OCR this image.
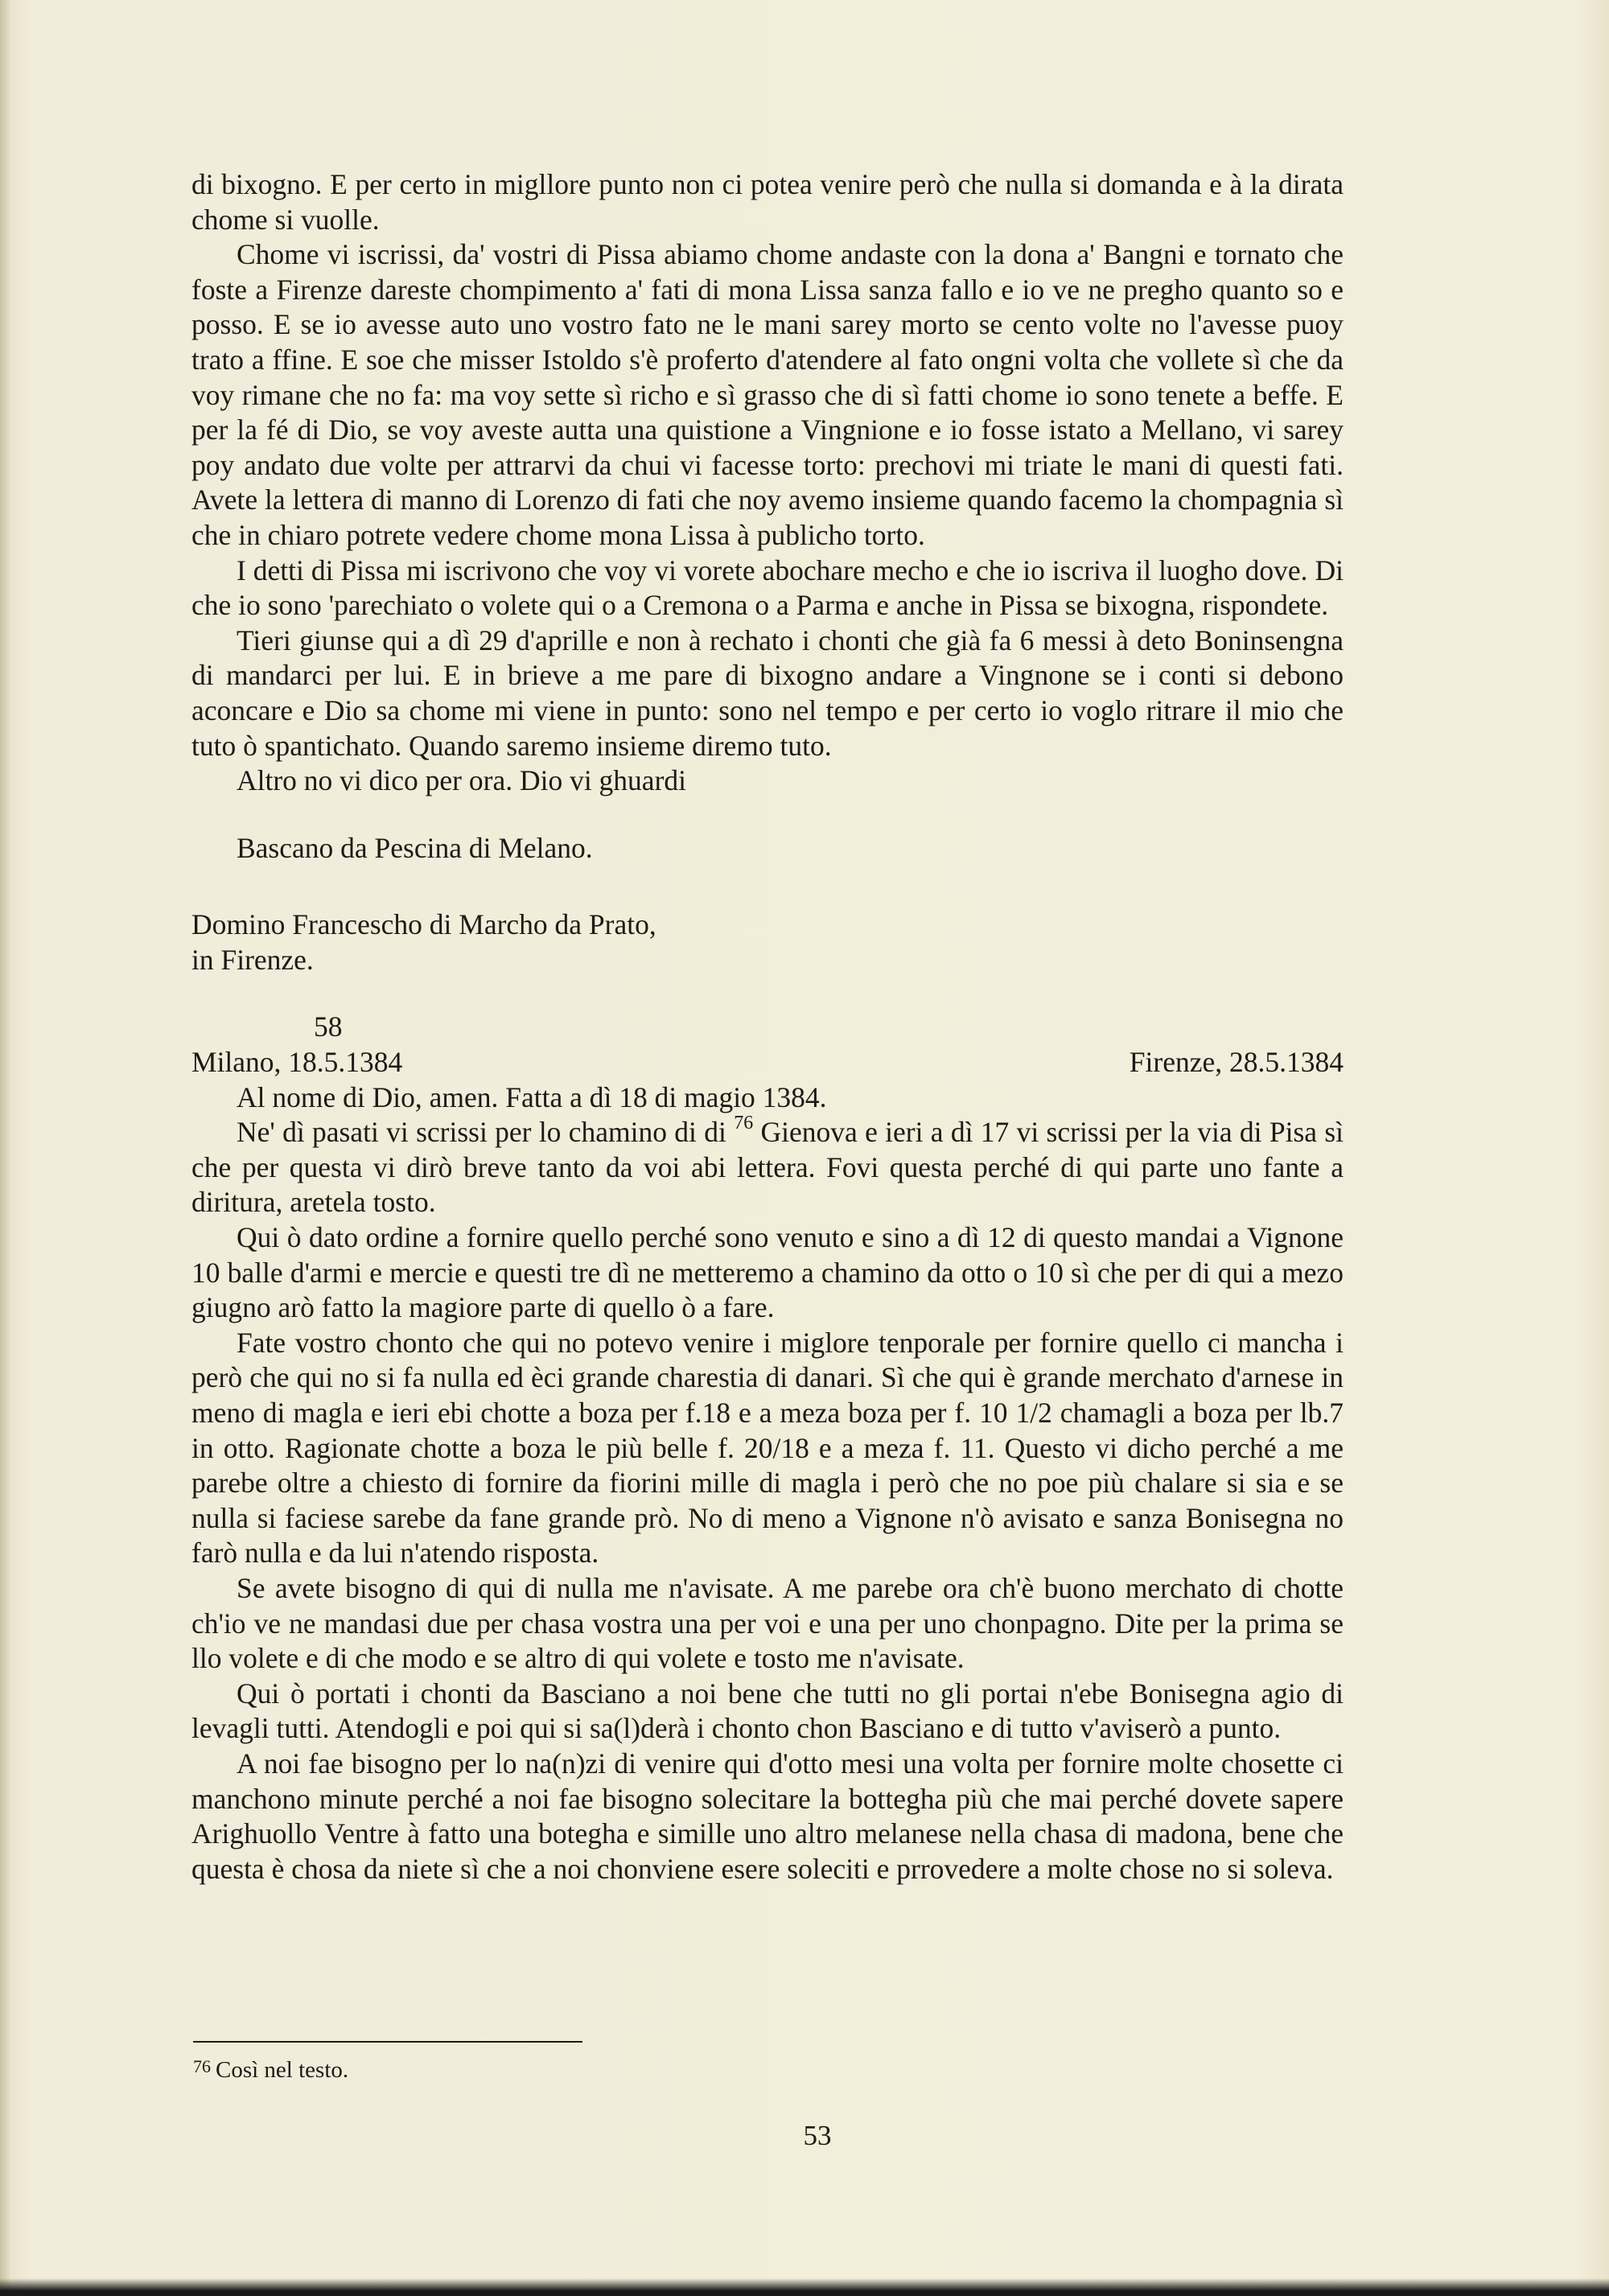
di bixogno. E per certo in migllore punto non ci potea venire però che nulla si domanda e à la dirata chome si vuolle.

Chome vi iscrissi, da' vostri di Pissa abiamo chome andaste con la dona a' Bangni e tornato che foste a Firenze dareste chompimento a' fati di mona Lissa sanza fallo e io ve ne pregho quanto so e posso. E se io avesse auto uno vostro fato ne le mani sarey morto se cento volte no l'avesse puoy trato a ffine. E soe che misser Istoldo s'è proferto d'atendere al fato ongni volta che vollete sì che da voy rimane che no fa: ma voy sette sì richo e sì grasso che di sì fatti chome io sono tenete a beffe. E per la fé di Dio, se voy aveste autta una quistione a Vingnione e io fosse istato a Mellano, vi sarey poy andato due volte per attrarvi da chui vi facesse torto: prechovi mi triate le mani di questi fati. Avete la lettera di manno di Lorenzo di fati che noy avemo insieme quando facemo la chompagnia sì che in chiaro potrete vedere chome mona Lissa à publicho torto.

I detti di Pissa mi iscrivono che voy vi vorete abochare mecho e che io iscriva il luogho dove. Di che io sono 'parechiato o volete qui o a Cremona o a Parma e anche in Pissa se bixogna, rispondete.

Tieri giunse qui a dì 29 d'aprille e non à rechato i chonti che già fa 6 messi à deto Boninsengna di mandarci per lui. E in brieve a me pare di bixogno andare a Vingnone se i conti si debono aconcare e Dio sa chome mi viene in punto: sono nel tempo e per certo io voglo ritrare il mio che tuto ò spantichato. Quando saremo insieme diremo tuto.

Altro no vi dico per ora. Dio vi ghuardi

Bascano da Pescina di Melano.

Domino Francescho di Marcho da Prato,

in Firenze.

58

Milano, 18.5.1384	Firenze, 28.5.1384

Al nome di Dio, amen. Fatta a dì 18 di magio 1384.

Ne' dì pasati vi scrissi per lo chamino di di $^{76}$ Gienova e ieri a dì 17 vi scrissi per la via di Pisa sì che per questa vi dirò breve tanto da voi abi lettera. Fovi questa perché di qui parte uno fante a diritura, aretela tosto.

Qui ò dato ordine a fornire quello perché sono venuto e sino a dì 12 di questo mandai a Vignone 10 balle d'armi e mercie e questi tre dì ne metteremo a chamino da otto o 10 sì che per di qui a mezo giugno arò fatto la magiore parte di quello ò a fare.

Fate vostro chonto che qui no potevo venire i miglore tenporale per fornire quello ci mancha i però che qui no si fa nulla ed èci grande charestia di danari. Sì che qui è grande merchato d'arnese in meno di magla e ieri ebi chotte a boza per f.18 e a meza boza per f. 10 1/2 chamagli a boza per lb.7 in otto. Ragionate chotte a boza le più belle f. 20/18 e a meza f. 11. Questo vi dicho perché a me parebe oltre a chiesto di fornire da fiorini mille di magla i però che no poe più chalare si sia e se nulla si faciese sarebe da fane grande prò. No di meno a Vignone n'ò avisato e sanza Bonisegna no farò nulla e da lui n'atendo risposta.

Se avete bisogno di qui di nulla me n'avisate. A me parebe ora ch'è buono merchato di chotte ch'io ve ne mandasi due per chasa vostra una per voi e una per uno chonpagno. Dite per la prima se llo volete e di che modo e se altro di qui volete e tosto me n'avisate.

Qui ò portati i chonti da Basciano a noi bene che tutti no gli portai n'ebe Bonisegna agio di levagli tutti. Atendogli e poi qui si sa(l)derà i chonto chon Basciano e di tutto v'aviserò a punto.

A noi fae bisogno per lo na(n)zi di venire qui d'otto mesi una volta per fornire molte chosette ci manchono minute perché a noi fae bisogno solecitare la bottegha più che mai perché dovete sapere Arighuollo Ventre à fatto una boteghа e simille uno altro melanese nella chasa di madona, bene che questa è chosa da niete sì che a noi chonviene esere soleciti e prrovedere a molte chose no si soleva.

$^{76}$ Così nel testo.
53
